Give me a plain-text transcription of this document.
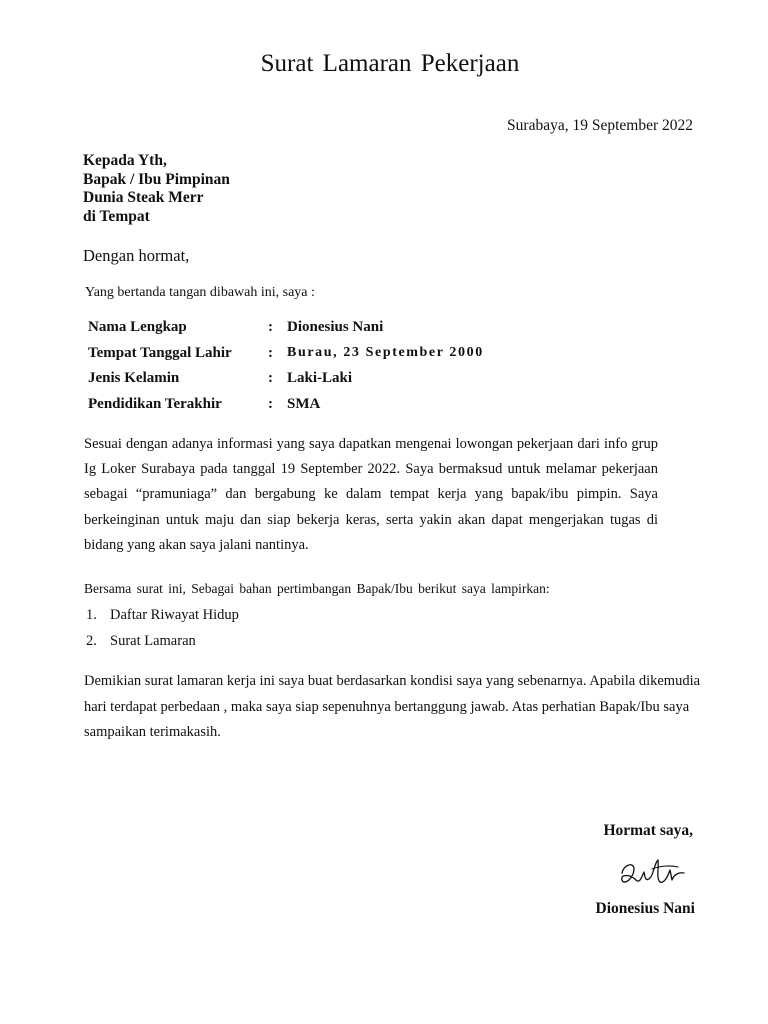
Surat Lamaran Pekerjaan
Surabaya, 19 September 2022
Kepada Yth,
Bapak / Ibu Pimpinan
Dunia Steak Merr
di Tempat
Dengan hormat,
Yang bertanda tangan dibawah ini, saya :
Nama Lengkap	: Dionesius Nani
Tempat Tanggal Lahir : Burau, 23 September 2000
Jenis Kelamin	: Laki-Laki
Pendidikan Terakhir	: SMA
Sesuai dengan adanya informasi yang saya dapatkan mengenai lowongan pekerjaan dari info grup Ig Loker Surabaya pada tanggal 19 September 2022. Saya bermaksud untuk melamar pekerjaan sebagai “pramuniaga” dan bergabung ke dalam tempat kerja yang bapak/ibu pimpin. Saya berkeinginan untuk maju dan siap bekerja keras, serta yakin akan dapat mengerjakan tugas di bidang yang akan saya jalani nantinya.
Bersama surat ini, Sebagai bahan pertimbangan Bapak/Ibu berikut saya lampirkan:
1. Daftar Riwayat Hidup
2. Surat Lamaran
Demikian surat lamaran kerja ini saya buat berdasarkan kondisi saya yang sebenarnya. Apabila dikemudia hari terdapat perbedaan , maka saya siap sepenuhnya bertanggung jawab. Atas perhatian Bapak/Ibu saya sampaikan terimakasih.
Hormat saya,
Dionesius Nani
